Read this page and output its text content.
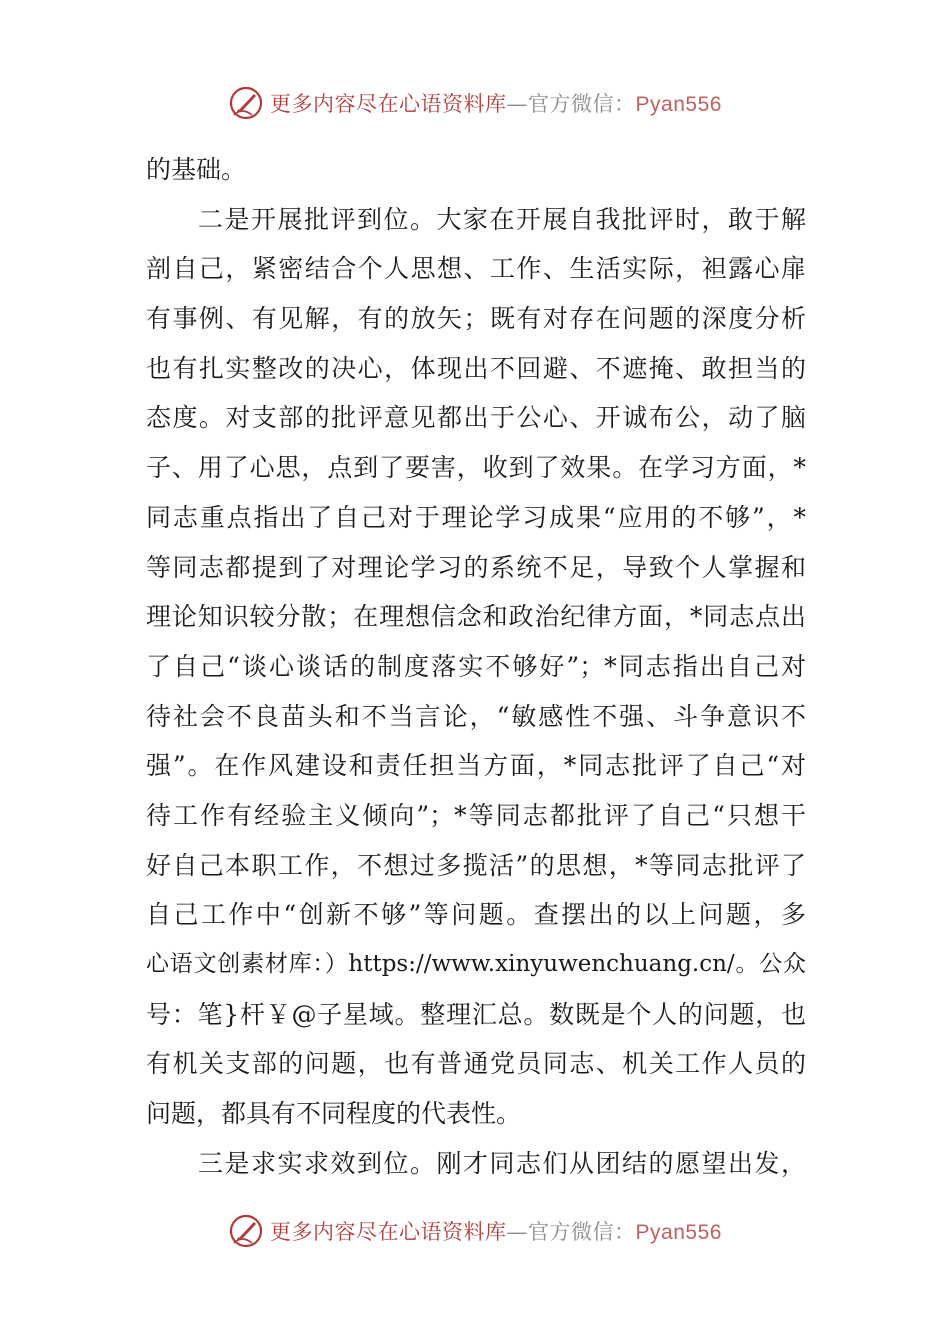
更多内容尽在心语资料库—官方微信：Pyan556
的基础。
二是开展批评到位。大家在开展自我批评时，敢于解
剖自己，紧密结合个人思想、工作、生活实际，袒露心扉
有事例、有见解，有的放矢；既有对存在问题的深度分析
也有扎实整改的决心，体现出不回避、不遮掩、敢担当的
态度。对支部的批评意见都出于公心、开诚布公，动了脑
子、用了心思，点到了要害，收到了效果。在学习方面，*
同志重点指出了自己对于理论学习成果“应用的不够”，*
等同志都提到了对理论学习的系统不足，导致个人掌握和
理论知识较分散；在理想信念和政治纪律方面，*同志点出
了自己“谈心谈话的制度落实不够好”；*同志指出自己对
待社会不良苗头和不当言论，“敏感性不强、斗争意识不
强”。在作风建设和责任担当方面，*同志批评了自己“对
待工作有经验主义倾向”；*等同志都批评了自己“只想干
好自己本职工作，不想过多揽活”的思想，*等同志批评了
自己工作中“创新不够”等问题。查摆出的以上问题，多
心语文创素材库：）https://www.xinyuwenchuang.cn/。公众
号：笔}杆￥@子星域。整理汇总。数既是个人的问题，也
有机关支部的问题，也有普通党员同志、机关工作人员的
问题，都具有不同程度的代表性。
三是求实求效到位。刚才同志们从团结的愿望出发，
更多内容尽在心语资料库—官方微信：Pyan556
